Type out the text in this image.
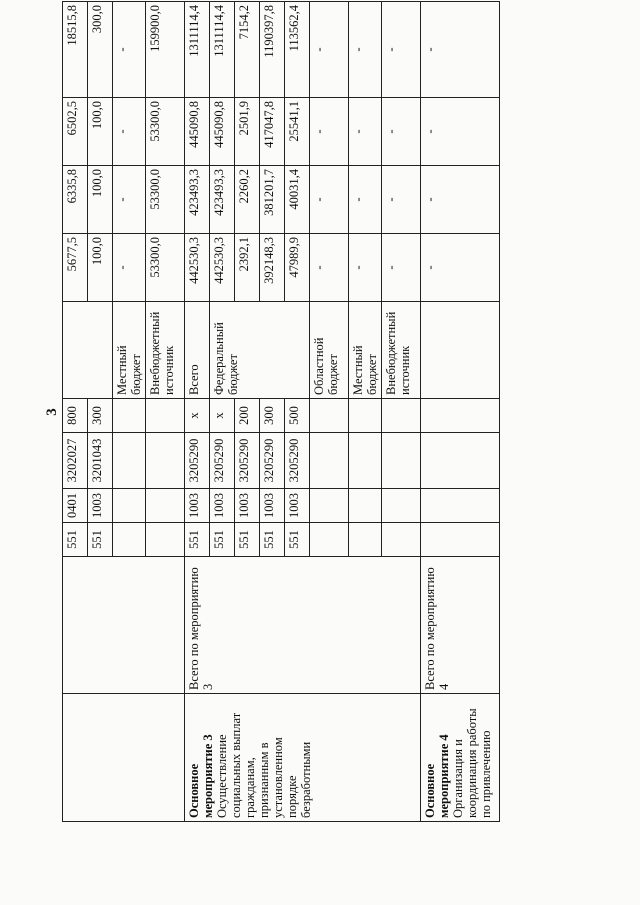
3
		551	0401	3202027	800		5677,5	6335,8	6502,5	18515,8
		551	1003	3201043	300		100,0	100,0	100,0	300,0
						Местный бюджет	-	-	-	-
						Внебюджетный источник	53300,0	53300,0	53300,0	159900,0

Основное мероприятие 3 Осуществление социальных выплат гражданам, признанным в установленном порядке безработными	Всего по мероприятию 3	551	1003	3205290	x	Всего	442530,3	423493,3	445090,8	1311114,4
		551	1003	3205290	x	Федеральный бюджет	442530,3	423493,3	445090,8	1311114,4
		551	1003	3205290	200		2392,1	2260,2	2501,9	7154,2
		551	1003	3205290	300		392148,3	381201,7	417047,8	1190397,8
		551	1003	3205290	500		47989,9	40031,4	25541,1	113562,4
						Областной бюджет	-	-	-	-
						Местный бюджет	-	-	-	-
						Внебюджетный источник	-	-	-	-

Основное мероприятие 4 Организация и координация работы по привлечению	Всего по мероприятию 4						-	-	-	-
